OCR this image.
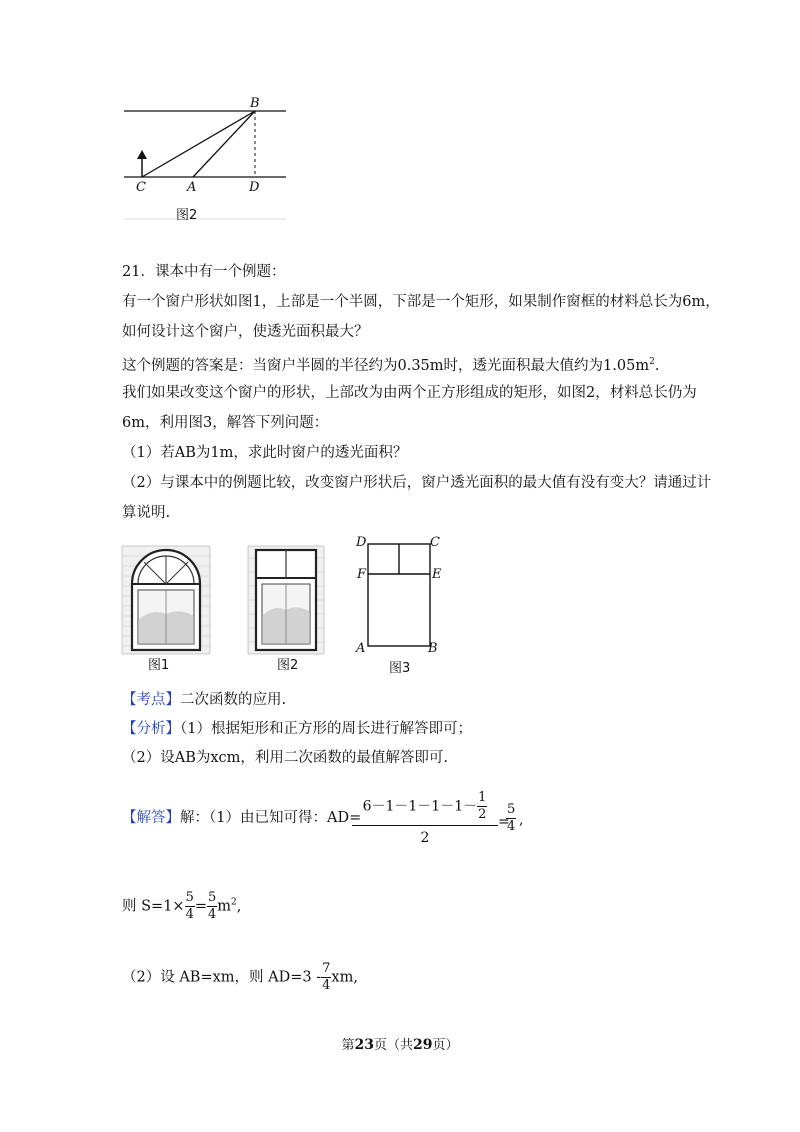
B
C	A	D
图2
21．课本中有一个例题：
有一个窗户形状如图1，上部是一个半圆，下部是一个矩形，如果制作窗框的材料总长为6m，
如何设计这个窗户，使透光面积最大？
这个例题的答案是：当窗户半圆的半径约为0.35m时，透光面积最大值约为$1.05m^2$.
我们如果改变这个窗户的形状，上部改为由两个正方形组成的矩形，如图2，材料总长仍为
6m，利用图3，解答下列问题：
（1）若AB为1m，求此时窗户的透光面积？
（2）与课本中的例题比较，改变窗户形状后，窗户透光面积的最大值有没有变大？请通过计
算说明.
图1	图2
D	C
F	E
A	B
图3
【考点】二次函数的应用.
【分析】（1）根据矩形和正方形的周长进行解答即可；
（2）设AB为xcm，利用二次函数的最值解答即可.
【解答】解：（1）由已知可得：AD=
$\frac{6-1-1-1-1- \frac{1}{2}}{2}$ =
$\frac{5}{4}$ ,
则 $S=1\times \frac{5}{4} = \frac{5}{4} m^2$,
（2）设 AB=xm，则 $AD=3 - \frac{7}{4}$ xm,
第23页（共29页）
